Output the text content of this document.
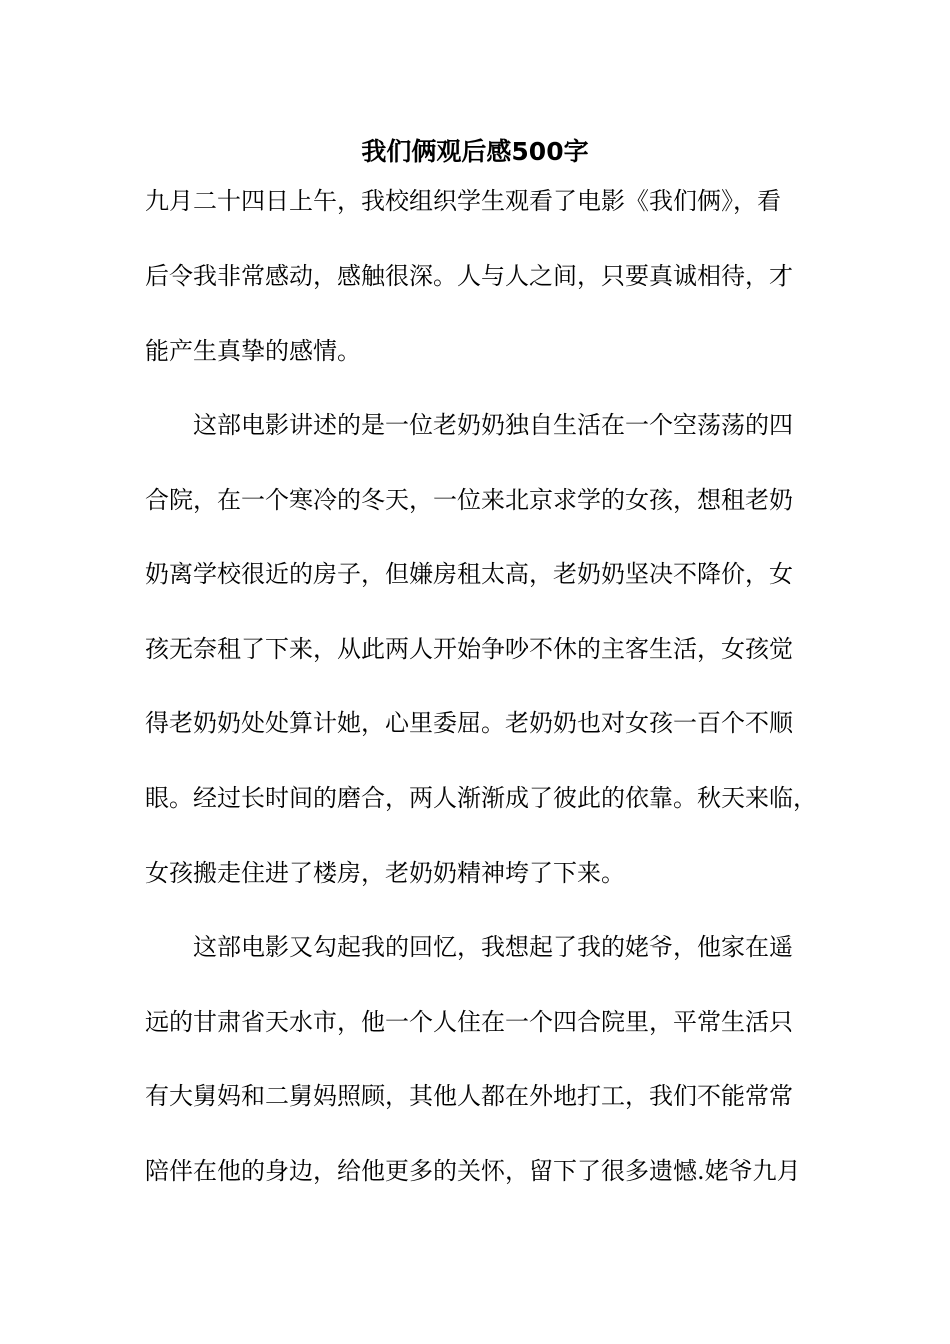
我们俩观后感500字

九月二十四日上午，我校组织学生观看了电影《我们俩》，看

后令我非常感动，感触很深。人与人之间，只要真诚相待，才

能产生真挚的感情。

　　这部电影讲述的是一位老奶奶独自生活在一个空荡荡的四

合院，在一个寒冷的冬天，一位来北京求学的女孩，想租老奶

奶离学校很近的房子，但嫌房租太高，老奶奶坚决不降价，女

孩无奈租了下来，从此两人开始争吵不休的主客生活，女孩觉

得老奶奶处处算计她，心里委屈。老奶奶也对女孩一百个不顺

眼。经过长时间的磨合，两人渐渐成了彼此的依靠。秋天来临，

女孩搬走住进了楼房，老奶奶精神垮了下来。

　　这部电影又勾起我的回忆，我想起了我的姥爷，他家在遥

远的甘肃省天水市，他一个人住在一个四合院里，平常生活只

有大舅妈和二舅妈照顾，其他人都在外地打工，我们不能常常

陪伴在他的身边，给他更多的关怀，留下了很多遗憾.姥爷九月
